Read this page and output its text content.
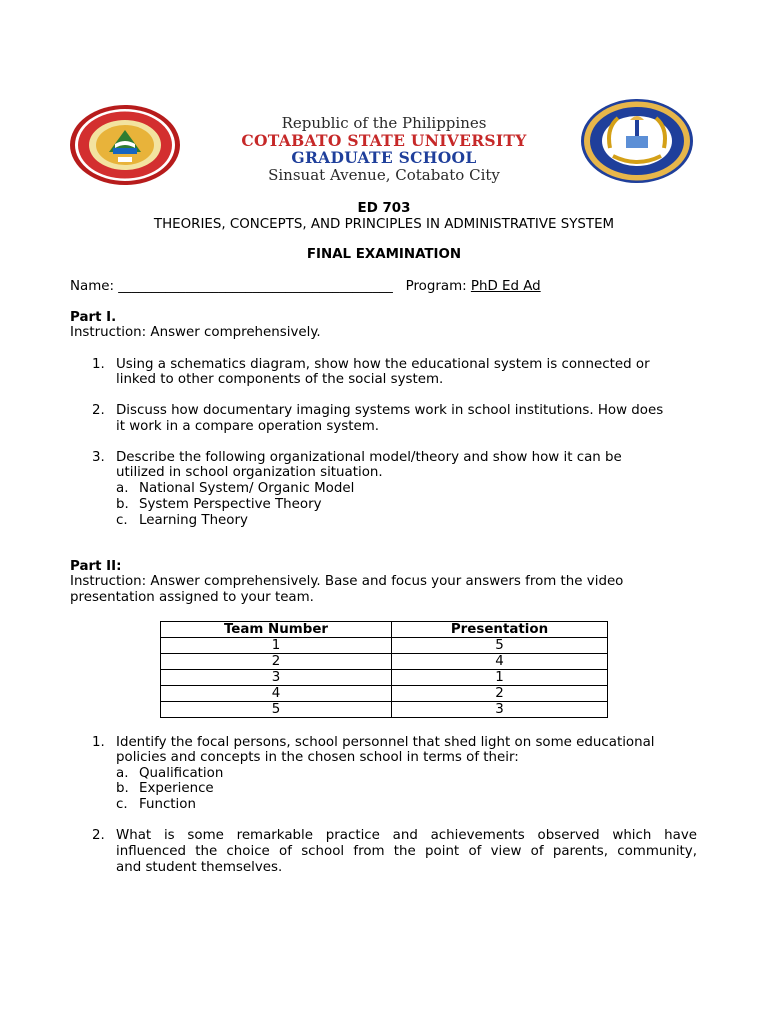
Republic of the Philippines
COTABATO STATE UNIVERSITY
GRADUATE SCHOOL
Sinsuat Avenue, Cotabato City
ED 703
THEORIES, CONCEPTS, AND PRINCIPLES IN ADMINISTRATIVE SYSTEM
FINAL EXAMINATION
Name: _________________________________________ Program: PhD Ed Ad
Part I.
Instruction: Answer comprehensively.
1. Using a schematics diagram, show how the educational system is connected or
linked to other components of the social system.
2. Discuss how documentary imaging systems work in school institutions. How does
it work in a compare operation system.
3. Describe the following organizational model/theory and show how it can be
utilized in school organization situation.
a. National System/ Organic Model
b. System Perspective Theory
c. Learning Theory
Part II:
Instruction: Answer comprehensively. Base and focus your answers from the video
presentation assigned to your team.
Team Number	Presentation
1	5
2	4
3	1
4	2
5	3
1. Identify the focal persons, school personnel that shed light on some educational
policies and concepts in the chosen school in terms of their:
a. Qualification
b. Experience
c. Function
2. What is some remarkable practice and achievements observed which have
influenced the choice of school from the point of view of parents, community,
and student themselves.
